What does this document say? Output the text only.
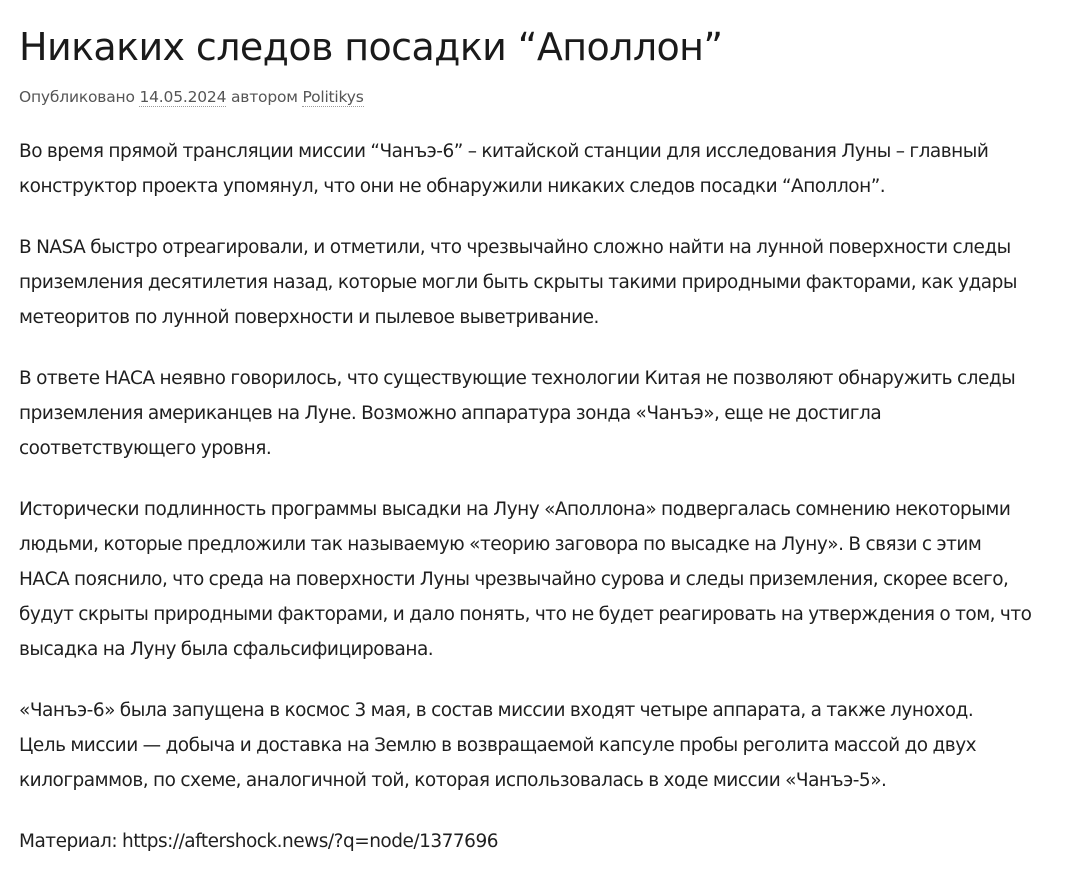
Никаких следов посадки “Аполлон”
Опубликовано 14.05.2024 автором Politikys

Во время прямой трансляции миссии “Чанъэ-6” – китайской станции для исследования Луны – главный
конструктор проекта упомянул, что они не обнаружили никаких следов посадки “Аполлон”.

В NASA быстро отреагировали, и отметили, что чрезвычайно сложно найти на лунной поверхности следы
приземления десятилетия назад, которые могли быть скрыты такими природными факторами, как удары
метеоритов по лунной поверхности и пылевое выветривание.

В ответе НАСА неявно говорилось, что существующие технологии Китая не позволяют обнаружить следы
приземления американцев на Луне. Возможно аппаратура зонда «Чанъэ», еще не достигла
соответствующего уровня.

Исторически подлинность программы высадки на Луну «Аполлона» подвергалась сомнению некоторыми
людьми, которые предложили так называемую «теорию заговора по высадке на Луну». В связи с этим
НАСА пояснило, что среда на поверхности Луны чрезвычайно сурова и следы приземления, скорее всего,
будут скрыты природными факторами, и дало понять, что не будет реагировать на утверждения о том, что
высадка на Луну была сфальсифицирована.

«Чанъэ-6» была запущена в космос 3 мая, в состав миссии входят четыре аппарата, а также луноход.
Цель миссии — добыча и доставка на Землю в возвращаемой капсуле пробы реголита массой до двух
килограммов, по схеме, аналогичной той, которая использовалась в ходе миссии «Чанъэ-5».

Материал: https://aftershock.news/?q=node/1377696
